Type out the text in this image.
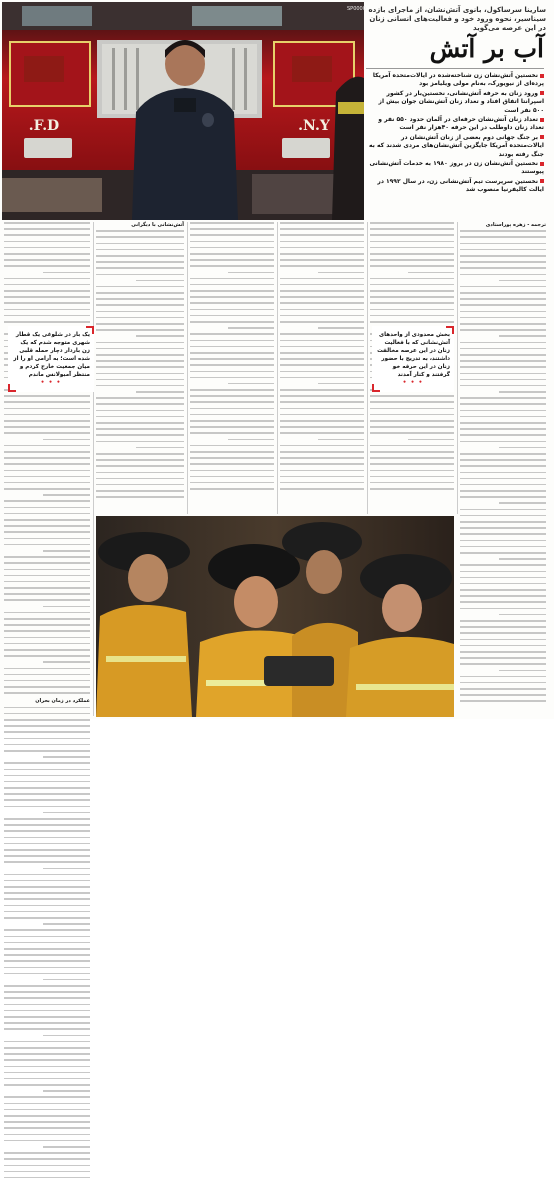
F.D.	N.Y.
SP0000 سارینا سرساکول، بانوی آتش‌نشان، از ماجرای بازده سیناسیر، نحوه ورود خود و فعالیت‌های انسانی زنان در این عرصه می‌گوید
آب بر آتش
نخستین آتش‌نشان زن شناخته‌شده در ایالات‌متحده آمریکا پرده‌ای از نیویورک، به‌نام مولی ویلیامز بود
ورود زنان به حرفه آتش‌نشانی، نخستین‌بار در کشور اسپرانتا اتفاق افتاد و تعداد زنان آتش‌نشان جوان بیش از ۵۰۰ نفر است
تعداد زنان آتش‌نشان حرفه‌ای در آلمان حدود ۵۵۰ نفر و تعداد زنان داوطلب در این حرفه ۴۰هزار نفر است
بر جنگ جهانی دوم بعضی از زنان آتش‌نشان در ایالات‌متحده آمریکا جایگزین آتش‌نشان‌های مردی شدند که به جنگ رفته بودند
نخستین آتش‌نشان زن در بروز ۱۹۸۰ به خدمات آتش‌نشانی پیوستند
نخستین سرپرست تیم آتش‌نشانی زن، در سال ۱۹۹۲ در ایالت کالیفرنیا منصوب شد

ترجمه - زهره پوراستادی

آتش‌نشانی با دیگرانی

عملکرد در زمان بحران

بخش محدودی از واحدهای آتش‌نشانی که با فعالیت زنان در این عرصه مخالفت داشتند، به تدریج با حضور زنان در این حرفه خو گرفتند و کنار آمدند
• • •
یک بار در شلوغی یک قطار شهری متوجه شدم که یک زن باردار دچار حمله قلبی شده است؛ به آرامی او را از میان جمعیت خارج کردم و منتظر آمبولانس ماندم
• • •
